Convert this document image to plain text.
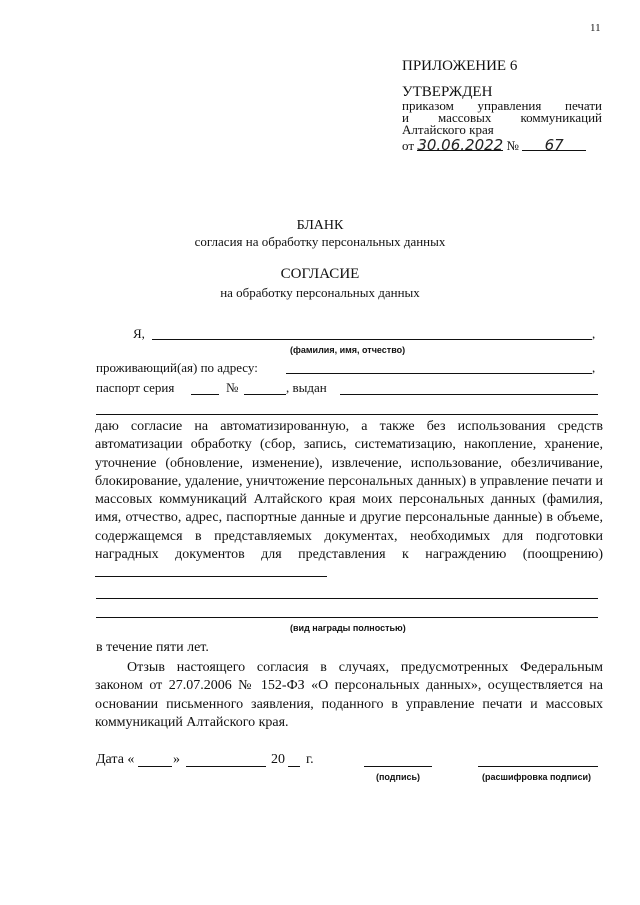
11
ПРИЛОЖЕНИЕ 6
УТВЕРЖДЕН
приказом управления печати
и массовых коммуникаций
Алтайского края
от 30.06.2022 № 67
БЛАНК
согласия на обработку персональных данных
СОГЛАСИЕ
на обработку персональных данных
Я,	,
(фамилия, имя, отчество)
проживающий(ая) по адресу:	,
паспорт серия	№	, выдан
даю согласие на автоматизированную, а также без использования средств автоматизации обработку (сбор, запись, систематизацию, накопление, хранение, уточнение (обновление, изменение), извлечение, использование, обезличивание, блокирование, удаление, уничтожение персональных данных) в управление печати и массовых коммуникаций Алтайского края моих персональных данных (фамилия, имя, отчество, адрес, паспортные данные и другие персональные данные) в объеме, содержащемся в представляемых документах, необходимых для подготовки наградных документов для представления к награждению (поощрению)
(вид награды полностью)
в течение пяти лет.
Отзыв настоящего согласия в случаях, предусмотренных Федеральным законом от 27.07.2006 № 152-ФЗ «О персональных данных», осуществляется на основании письменного заявления, поданного в управление печати и массовых коммуникаций Алтайского края.
Дата «	»	20 г.
(подпись)	(расшифровка подписи)
